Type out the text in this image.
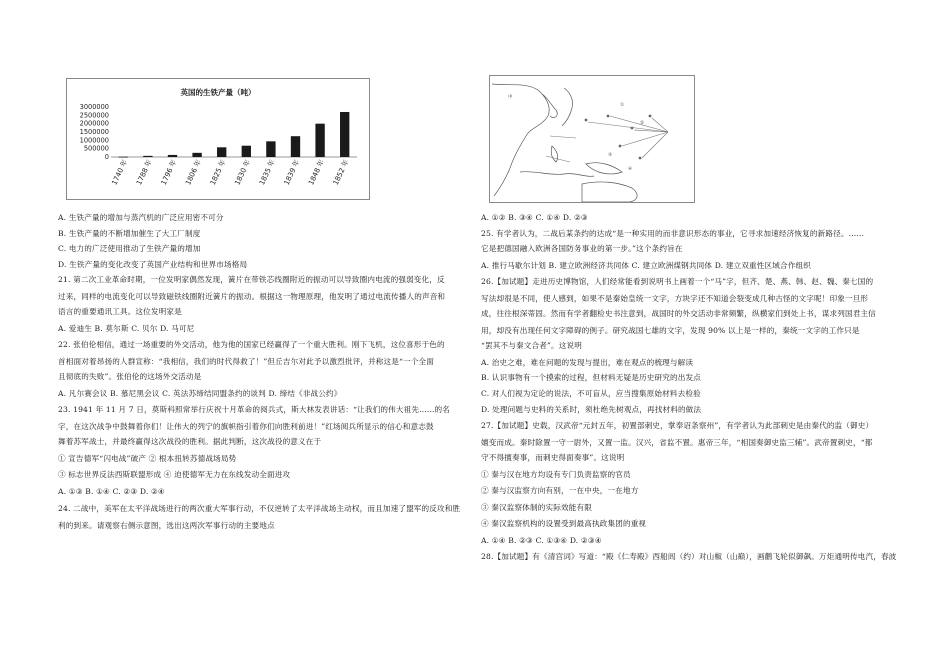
英国的生铁产量（吨）
3000000
2500000
2000000
1500000
1000000
500000
0
1740 年 1788 年 1796 年 1806 年 1825 年 1830 年 1835 年 1839 年 1848 年 1852 年
中
①
②
③
④
A. 生铁产量的增加与蒸汽机的广泛应用密不可分
B. 生铁产量的不断增加催生了大工厂制度
C. 电力的广泛使用推动了生铁产量的增加
D. 生铁产量的变化改变了英国产业结构和世界市场格局
21. 第二次工业革命时期，一位发明家偶然发现，簧片在带铁芯线圈附近的振动可以导致圈内电流的强弱变化，反
过来，同样的电流变化可以导致磁铁线圈附近簧片的振动。根据这一物理原理，他发明了通过电流传播人的声音和
语言的重要通讯工具。这位发明家是
A. 爱迪生 B. 莫尔斯 C. 贝尔 D. 马可尼
22. 张伯伦相信，通过一场重要的外交活动，他为他的国家已经赢得了一个重大胜利。刚下飞机，这位喜形于色的
首相面对着昂扬的人群宣称：“我相信，我们的时代得救了！”但丘吉尔对此予以激烈批评，并称这是“一个全面
且彻底的失败”。张伯伦的这场外交活动是
A. 凡尔赛会议 B. 慕尼黑会议 C. 英法苏缔结同盟条约的谈判 D. 缔结《非战公约》
23. 1941 年 11 月 7 日，莫斯科照常举行庆祝十月革命的阅兵式，斯大林发表讲话：“让我们的伟大祖先……的名
字，在这次战争中鼓舞着你们！让伟大的列宁的旗帜指引着你们向胜利前进！”红场阅兵所显示的信心和意志鼓
舞着苏军战士，并最终赢得这次战役的胜利。据此判断，这次战役的意义在于
① 宣告德军“闪电战”破产 ② 根本扭转苏德战场局势
③ 标志世界反法西斯联盟形成 ④ 迫使德军无力在东线发动全面进攻
A. ①③ B. ①④ C. ②③ D. ②④
24. 二战中，美军在太平洋战场进行的两次重大军事行动，不仅逆转了太平洋战场主动权，而且加速了盟军的反攻和胜
利的到来。请观察右侧示意图，选出这两次军事行动的主要地点
A. ①② B. ③④ C. ①④ D. ②③
25. 有学者认为，二战后某条约的达成“是一种实用的而非意识形态的事业，它寻求加速经济恢复的新路径。……
它是把德国融入欧洲各国防务事业的第一步。”这个条约旨在
A. 推行马歇尔计划 B. 建立欧洲经济共同体 C. 建立欧洲煤钢共同体 D. 建立双重性区域合作组织
26.【加试题】走进历史博物馆，人们经常能看到说明书上画着一个“马”字，但齐、楚、燕、韩、赵、魏、秦七国的
写法却很是不同，使人感到，如果不是秦始皇统一文字，方块字还不知道会裂变成几种古怪的文字呢！印象一旦形
成，往往根深蒂固。然而有学者翻检史书注意到，战国时的外交活动非常频繁，纵横家们到处上书，谋求列国君主信
用，却没有出现任何文字障碍的例子。研究战国七雄的文字，发现 90% 以上是一样的，秦统一文字的工作只是
“罢其不与秦文合者”。这说明
A. 治史之难，难在问题的发现与提出，难在观点的梳理与解读
B. 认识事物有一个摸索的过程，但材料无疑是历史研究的出发点
C. 对人们视为定论的说法，不可盲从，应当搜集原始材料去检验
D. 处理问题与史料的关系时，须杜绝先树观点，再找材料的做法
27.【加试题】史载，汉武帝“元封五年，初置部刺史，掌奉诏条察州”，有学者认为此部刺史是由秦代的监（御史）
嬗变而成。秦时除置一守一尉外，又置一监。汉兴，省监不置。惠帝三年，“相国奏御史监三辅”。武帝置刺史，“都
守不得擅奏事，而刺史得面奏事”。这说明
① 秦与汉在地方均设有专门负责监察的官员
② 秦与汉监察方向有别，一在中央，一在地方
③ 秦汉监察体制的实际效能有限
④ 秦汉监察机构的设置受到最高执政集团的重视
A. ①④ B. ②③ C. ①③④ D. ②③④
28.【加试题】有《清宫词》写道：“殿《仁寿殿》西船闾（约）对山椒（山巅），画鹳飞轮似御飙。万炬通明传电汽，春波
